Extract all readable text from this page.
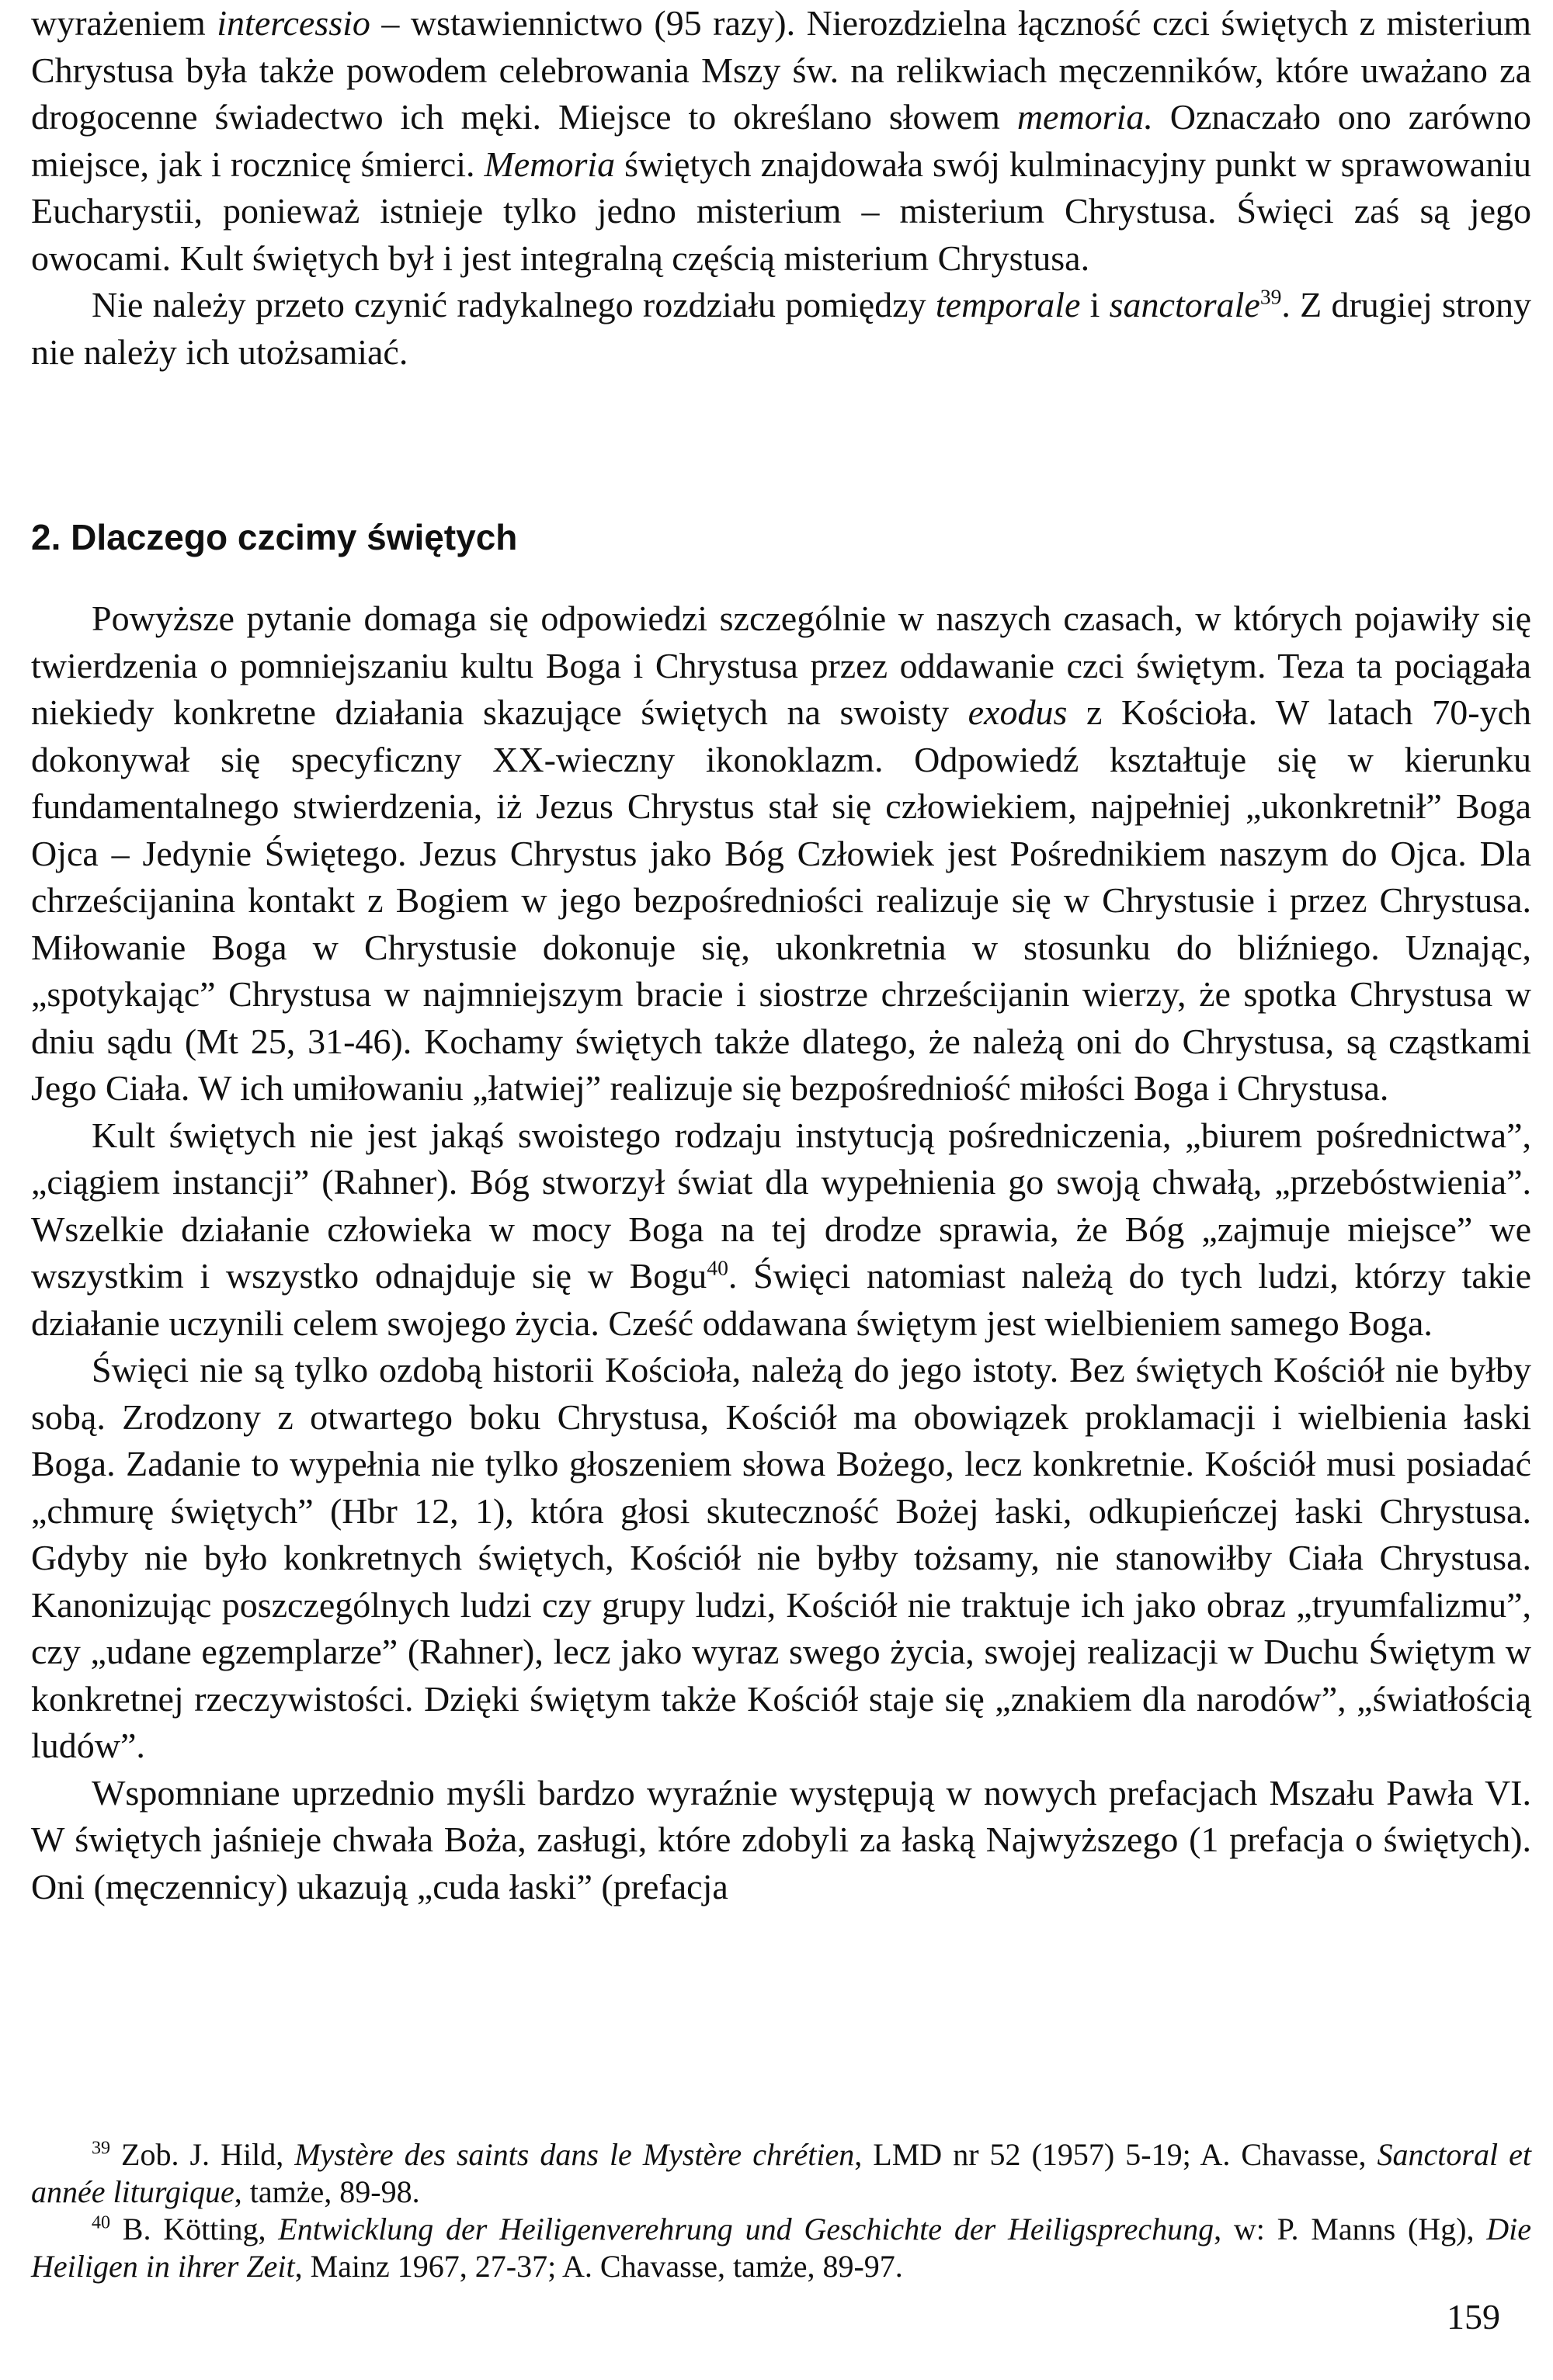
wyrażeniem intercessio – wstawiennictwo (95 razy). Nierozdzielna łączność czci świętych z misterium Chrystusa była także powodem celebrowania Mszy św. na relikwiach męczenników, które uważano za drogocenne świadectwo ich męki. Miejsce to określano słowem memoria. Oznaczało ono zarówno miejsce, jak i rocznicę śmierci. Memoria świętych znajdowała swój kulminacyjny punkt w sprawowaniu Eucharystii, ponieważ istnieje tylko jedno misterium – misterium Chrystusa. Święci zaś są jego owocami. Kult świętych był i jest integralną częścią misterium Chrystusa.

Nie należy przeto czynić radykalnego rozdziału pomiędzy temporale i sanctorale$^{39}$. Z drugiej strony nie należy ich utożsamiać.

2. Dlaczego czcimy świętych

Powyższe pytanie domaga się odpowiedzi szczególnie w naszych czasach, w których pojawiły się twierdzenia o pomniejszaniu kultu Boga i Chrystusa przez oddawanie czci świętym. Teza ta pociągała niekiedy konkretne działania skazujące świętych na swoisty exodus z Kościoła. W latach 70-ych dokonywał się specyficzny XX-wieczny ikonoklazm. Odpowiedź kształtuje się w kierunku fundamentalnego stwierdzenia, iż Jezus Chrystus stał się człowiekiem, najpełniej „ukonkretnił” Boga Ojca – Jedynie Świętego. Jezus Chrystus jako Bóg Człowiek jest Pośrednikiem naszym do Ojca. Dla chrześcijanina kontakt z Bogiem w jego bezpośredniości realizuje się w Chrystusie i przez Chrystusa. Miłowanie Boga w Chrystusie dokonuje się, ukonkretnia w stosunku do bliźniego. Uznając, „spotykając” Chrystusa w najmniejszym bracie i siostrze chrześcijanin wierzy, że spotka Chrystusa w dniu sądu (Mt 25, 31-46). Kochamy świętych także dlatego, że należą oni do Chrystusa, są cząstkami Jego Ciała. W ich umiłowaniu „łatwiej” realizuje się bezpośredniość miłości Boga i Chrystusa.

Kult świętych nie jest jakąś swoistego rodzaju instytucją pośredniczenia, „biurem pośrednictwa”, „ciągiem instancji” (Rahner). Bóg stworzył świat dla wypełnienia go swoją chwałą, „przebóstwienia”. Wszelkie działanie człowieka w mocy Boga na tej drodze sprawia, że Bóg „zajmuje miejsce” we wszystkim i wszystko odnajduje się w Bogu$^{40}$. Święci natomiast należą do tych ludzi, którzy takie działanie uczynili celem swojego życia. Cześć oddawana świętym jest wielbieniem samego Boga.

Święci nie są tylko ozdobą historii Kościoła, należą do jego istoty. Bez świętych Kościół nie byłby sobą. Zrodzony z otwartego boku Chrystusa, Kościół ma obowiązek proklamacji i wielbienia łaski Boga. Zadanie to wypełnia nie tylko głoszeniem słowa Bożego, lecz konkretnie. Kościół musi posiadać „chmurę świętych” (Hbr 12, 1), która głosi skuteczność Bożej łaski, odkupieńczej łaski Chrystusa. Gdyby nie było konkretnych świętych, Kościół nie byłby tożsamy, nie stanowiłby Ciała Chrystusa. Kanonizując poszczególnych ludzi czy grupy ludzi, Kościół nie traktuje ich jako obraz „tryumfalizmu”, czy „udane egzemplarze” (Rahner), lecz jako wyraz swego życia, swojej realizacji w Duchu Świętym w konkretnej rzeczywistości. Dzięki świętym także Kościół staje się „znakiem dla narodów”, „światłością ludów”.

Wspomniane uprzednio myśli bardzo wyraźnie występują w nowych prefacjach Mszału Pawła VI. W świętych jaśnieje chwała Boża, zasługi, które zdobyli za łaską Najwyższego (1 prefacja o świętych). Oni (męczennicy) ukazują „cuda łaski” (prefacja

$^{39}$ Zob. J. Hild, Mystère des saints dans le Mystère chrétien, LMD nr 52 (1957) 5-19; A. Chavasse, Sanctoral et année liturgique, tamże, 89-98.

$^{40}$ B. Kötting, Entwicklung der Heiligenverehrung und Geschichte der Heiligsprechung, w: P. Manns (Hg), Die Heiligen in ihrer Zeit, Mainz 1967, 27-37; A. Chavasse, tamże, 89-97.

159
